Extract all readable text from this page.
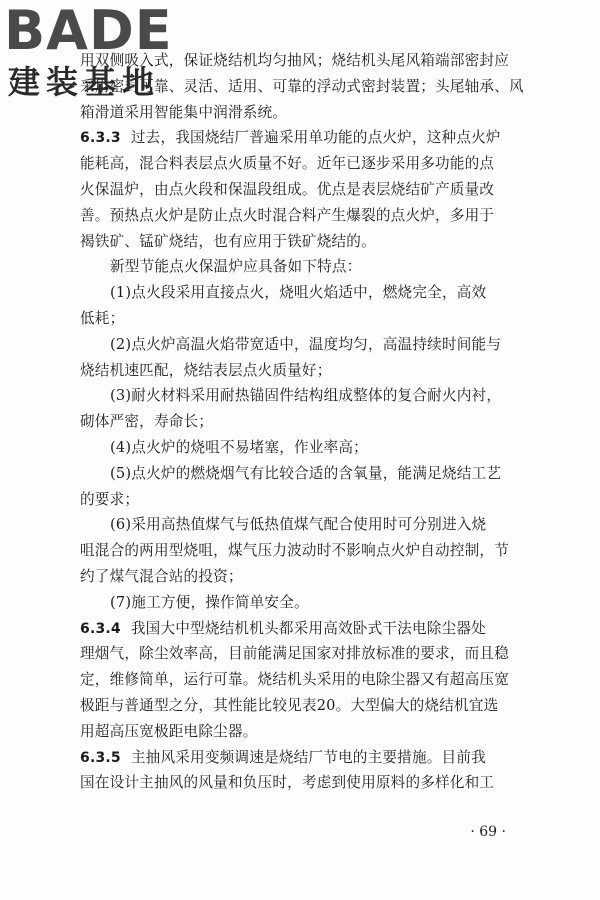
BADE
建装基地
用双侧吸入式，保证烧结机均匀抽风；烧结机头尾风箱端部密封应
采用密封可靠、灵活、适用、可靠的浮动式密封装置；头尾轴承、风
箱滑道采用智能集中润滑系统。
6.3.3 过去，我国烧结厂普遍采用单功能的点火炉，这种点火炉
能耗高，混合料表层点火质量不好。近年已逐步采用多功能的点
火保温炉，由点火段和保温段组成。优点是表层烧结矿产质量改
善。预热点火炉是防止点火时混合料产生爆裂的点火炉，多用于
褐铁矿、锰矿烧结，也有应用于铁矿烧结的。
新型节能点火保温炉应具备如下特点：
(1)点火段采用直接点火，烧咀火焰适中，燃烧完全，高效
低耗；
(2)点火炉高温火焰带宽适中，温度均匀，高温持续时间能与
烧结机速匹配，烧结表层点火质量好；
(3)耐火材料采用耐热锚固件结构组成整体的复合耐火内衬，
砌体严密，寿命长；
(4)点火炉的烧咀不易堵塞，作业率高；
(5)点火炉的燃烧烟气有比较合适的含氧量，能满足烧结工艺
的要求；
(6)采用高热值煤气与低热值煤气配合使用时可分别进入烧
咀混合的两用型烧咀，煤气压力波动时不影响点火炉自动控制，节
约了煤气混合站的投资；
(7)施工方便，操作简单安全。
6.3.4 我国大中型烧结机机头都采用高效卧式干法电除尘器处
理烟气，除尘效率高，目前能满足国家对排放标准的要求，而且稳
定，维修简单，运行可靠。烧结机头采用的电除尘器又有超高压宽
极距与普通型之分，其性能比较见表20。大型偏大的烧结机宜选
用超高压宽极距电除尘器。
6.3.5 主抽风采用变频调速是烧结厂节电的主要措施。目前我
国在设计主抽风的风量和负压时，考虑到使用原料的多样化和工
· 69 ·
